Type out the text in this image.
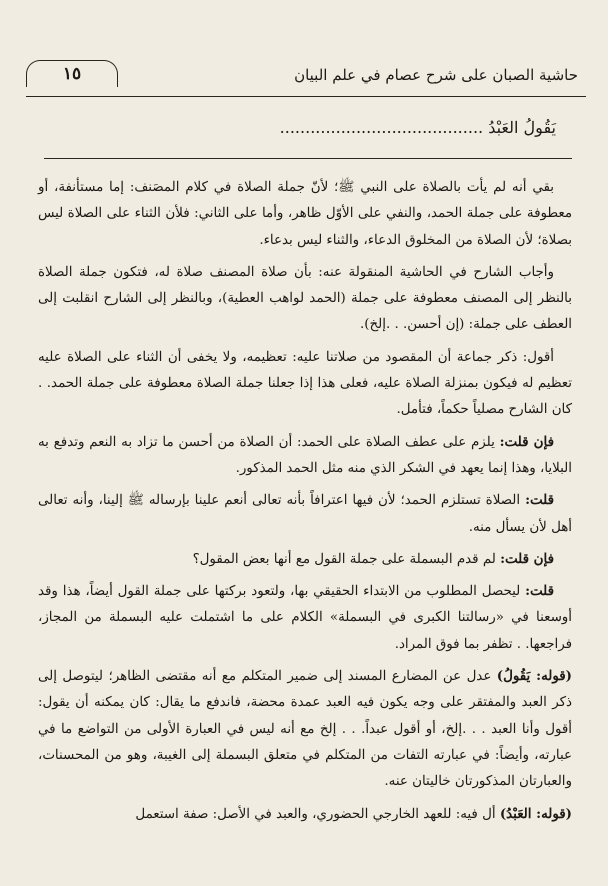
١٥	حاشية الصبان على شرح عصام في علم البيان
يَقُولُ العَبْدُ ........................................

بقي أنه لم يأت بالصلاة على النبي ﷺ؛ لأنّ جملة الصلاة في كلام المصَنف: إما مستأنفة، أو معطوفة على جملة الحمد، والنفي على الأوّل ظاهر، وأما على الثاني: فلأن الثناء على الصلاة ليس بصلاة؛ لأن الصلاة من المخلوق الدعاء، والثناء ليس بدعاء.

وأجاب الشارح في الحاشية المنقولة عنه: بأن صلاة المصنف صلاة له، فتكون جملة الصلاة بالنظر إلى المصنف معطوفة على جملة (الحمد لواهب العطية)، وبالنظر إلى الشارح انقلبت إلى العطف على جملة: (إن أحسن. . .إلخ).

أقول: ذكر جماعة أن المقصود من صلاتنا عليه: تعظيمه، ولا يخفى أن الثناء على الصلاة عليه تعظيم له فيكون بمنزلة الصلاة عليه، فعلى هذا إذا جعلنا جملة الصلاة معطوفة على جملة الحمد. . كان الشارح مصلياً حكماً، فتأمل.

فإن قلت: يلزم على عطف الصلاة على الحمد: أن الصلاة من أحسن ما تزاد به النعم وتدفع به البلايا، وهذا إنما يعهد في الشكر الذي منه مثل الحمد المذكور.

قلت: الصلاة تستلزم الحمد؛ لأن فيها اعترافاً بأنه تعالى أنعم علينا بإرساله ﷺ إلينا، وأنه تعالى أهل لأن يسأل منه.

فإن قلت: لم قدم البسملة على جملة القول مع أنها بعض المقول؟

قلت: ليحصل المطلوب من الابتداء الحقيقي بها، ولتعود بركتها على جملة القول أيضاً، هذا وقد أوسعنا في «رسالتنا الكبرى في البسملة» الكلام على ما اشتملت عليه البسملة من المجاز، فراجعها. . تظفر بما فوق المراد.

(قوله: يَقُولُ) عدل عن المضارع المسند إلى ضمير المتكلم مع أنه مقتضى الظاهر؛ ليتوصل إلى ذكر العبد والمفتقر على وجه يكون فيه العبد عمدة محضة، فاندفع ما يقال: كان يمكنه أن يقول: أقول وأنا العبد . . .إلخ، أو أقول عبداً. . . إلخ مع أنه ليس في العبارة الأولى من التواضع ما في عبارته، وأيضاً: في عبارته التفات من المتكلم في متعلق البسملة إلى الغيبة، وهو من المحسنات، والعبارتان المذكورتان خاليتان عنه.

(قوله: العَبْدُ) أل فيه: للعهد الخارجي الحضوري، والعبد في الأصل: صفة استعمل
